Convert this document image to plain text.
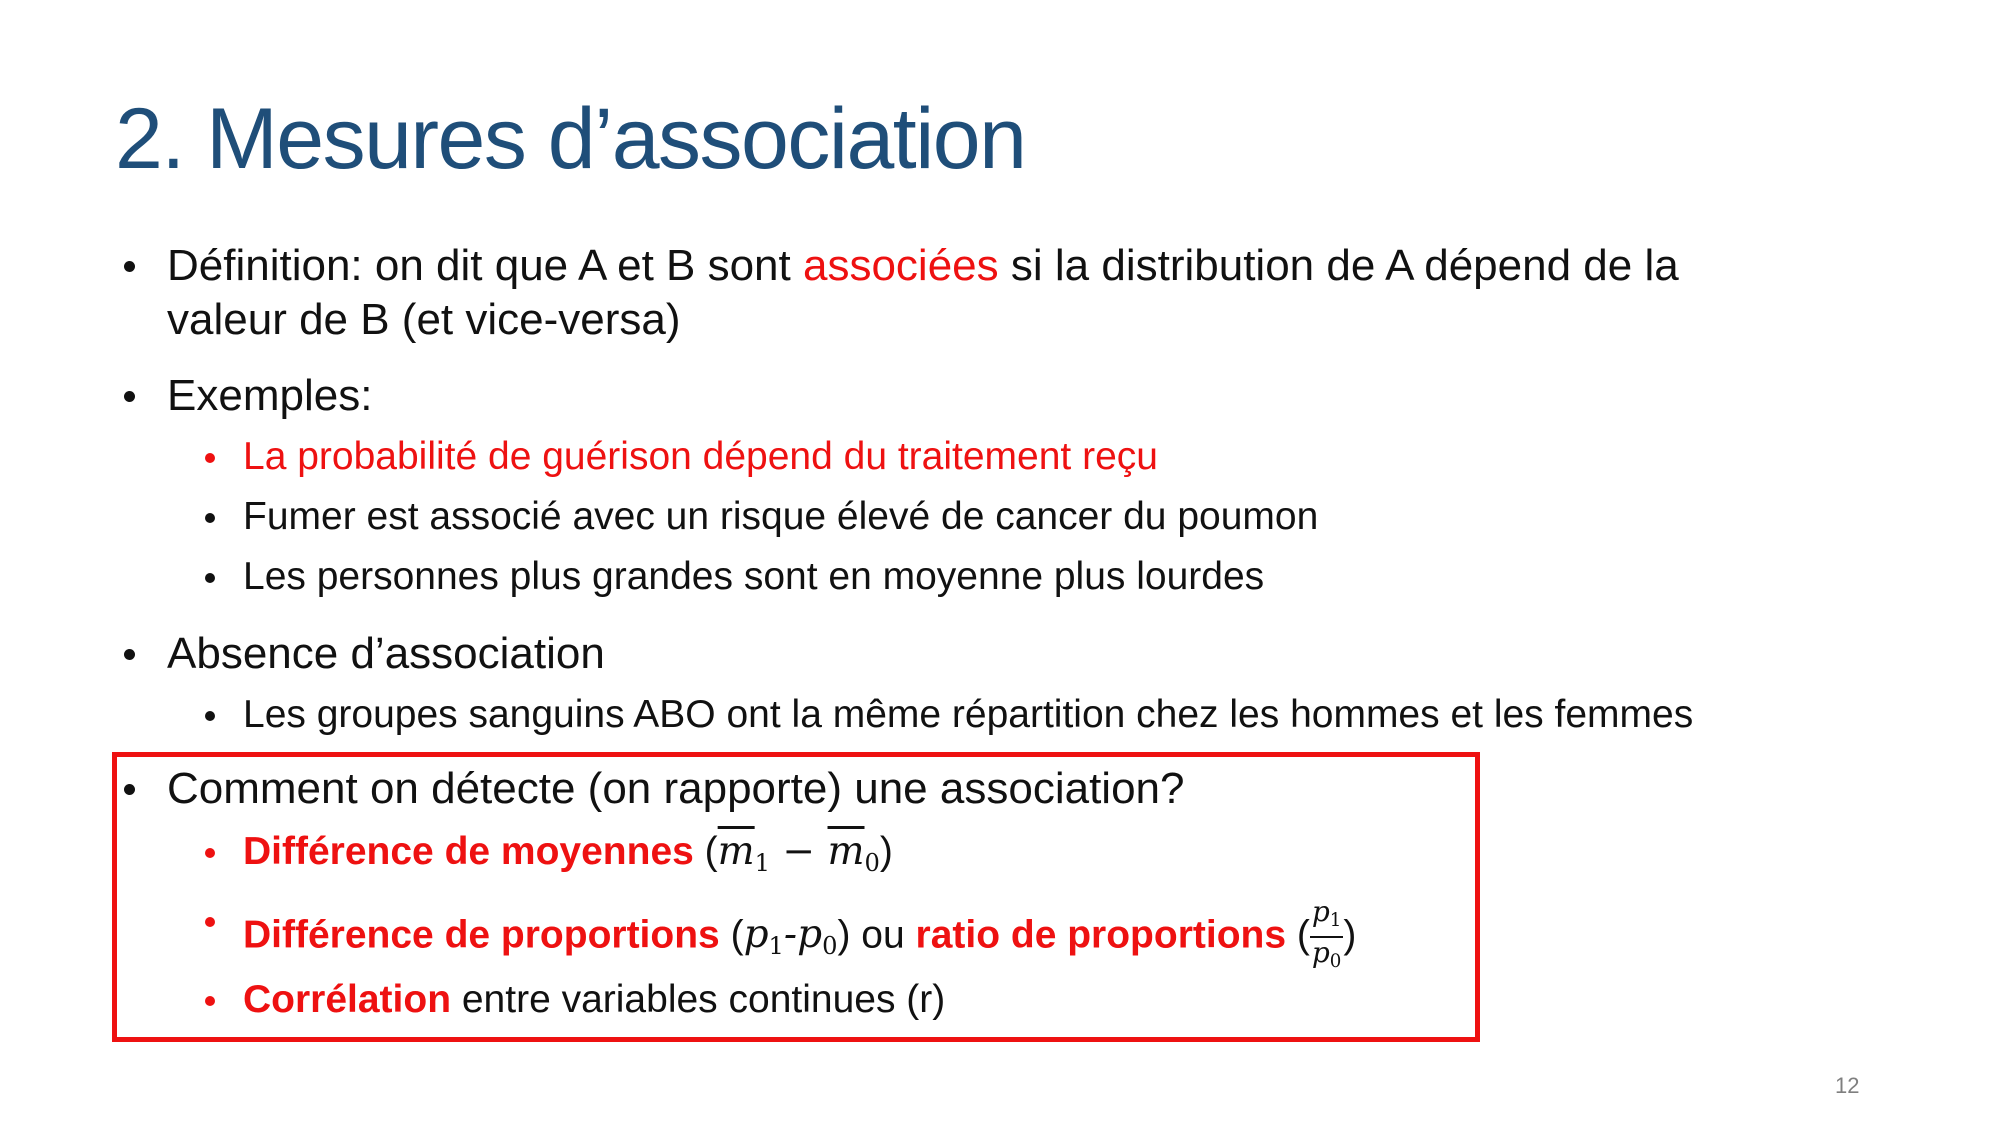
2. Mesures d’association
Définition: on dit que A et B sont associées si la distribution de A dépend de la
valeur de B (et vice-versa)
Exemples:
La probabilité de guérison dépend du traitement reçu
Fumer est associé avec un risque élevé de cancer du poumon
Les personnes plus grandes sont en moyenne plus lourdes
Absence d’association
Les groupes sanguins ABO ont la même répartition chez les hommes et les femmes
Comment on détecte (on rapporte) une association?
Différence de moyennes $(\overline{m}_1 - \overline{m}_0)$
Différence de proportions $(p_1-p_0)$ ou ratio de proportions ( $\frac{p_1}{p_0}$ )
Corrélation entre variables continues (r)
12
